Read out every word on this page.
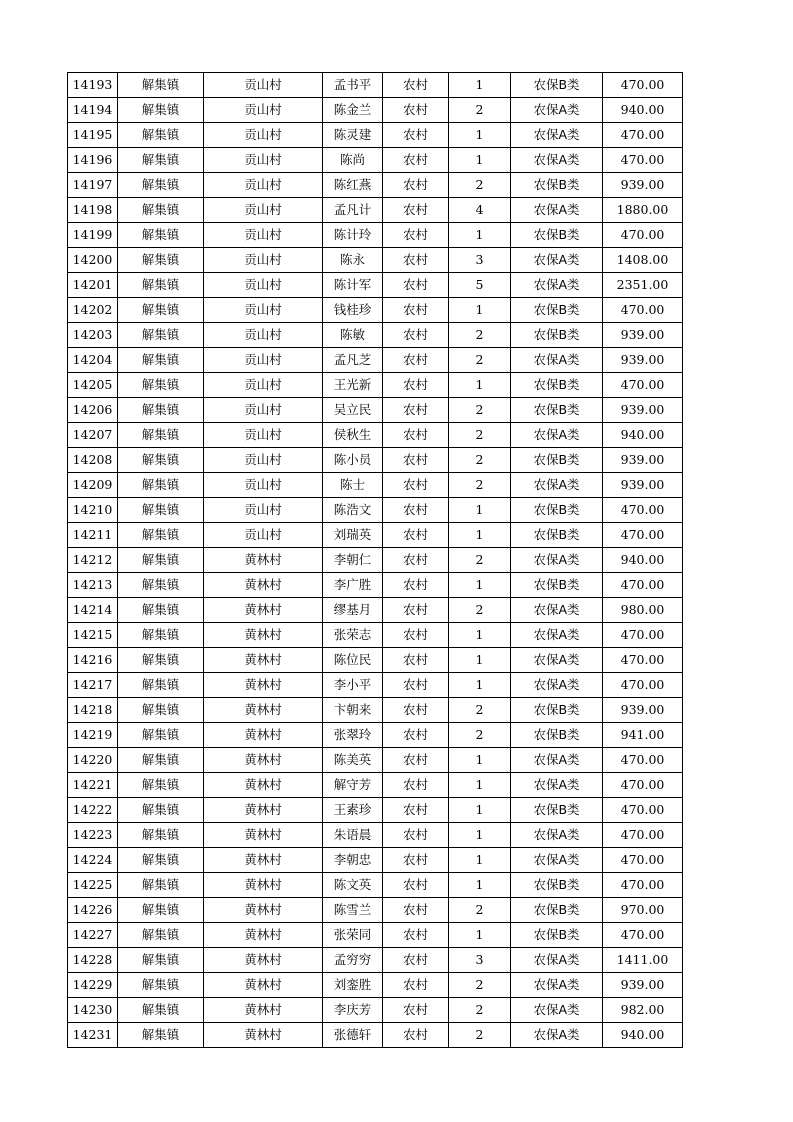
14193	解集镇	贡山村	孟书平	农村	1	农保B类	470.00
14194	解集镇	贡山村	陈金兰	农村	2	农保A类	940.00
14195	解集镇	贡山村	陈灵建	农村	1	农保A类	470.00
14196	解集镇	贡山村	陈尚	农村	1	农保A类	470.00
14197	解集镇	贡山村	陈红燕	农村	2	农保B类	939.00
14198	解集镇	贡山村	孟凡计	农村	4	农保A类	1880.00
14199	解集镇	贡山村	陈计玲	农村	1	农保B类	470.00
14200	解集镇	贡山村	陈永	农村	3	农保A类	1408.00
14201	解集镇	贡山村	陈计军	农村	5	农保A类	2351.00
14202	解集镇	贡山村	钱桂珍	农村	1	农保B类	470.00
14203	解集镇	贡山村	陈敏	农村	2	农保B类	939.00
14204	解集镇	贡山村	孟凡芝	农村	2	农保A类	939.00
14205	解集镇	贡山村	王光新	农村	1	农保B类	470.00
14206	解集镇	贡山村	吴立民	农村	2	农保B类	939.00
14207	解集镇	贡山村	侯秋生	农村	2	农保A类	940.00
14208	解集镇	贡山村	陈小员	农村	2	农保B类	939.00
14209	解集镇	贡山村	陈士	农村	2	农保A类	939.00
14210	解集镇	贡山村	陈浩文	农村	1	农保B类	470.00
14211	解集镇	贡山村	刘瑞英	农村	1	农保B类	470.00
14212	解集镇	黄林村	李朝仁	农村	2	农保A类	940.00
14213	解集镇	黄林村	李广胜	农村	1	农保B类	470.00
14214	解集镇	黄林村	缪基月	农村	2	农保A类	980.00
14215	解集镇	黄林村	张荣志	农村	1	农保A类	470.00
14216	解集镇	黄林村	陈位民	农村	1	农保A类	470.00
14217	解集镇	黄林村	李小平	农村	1	农保A类	470.00
14218	解集镇	黄林村	卞朝来	农村	2	农保B类	939.00
14219	解集镇	黄林村	张翠玲	农村	2	农保B类	941.00
14220	解集镇	黄林村	陈美英	农村	1	农保A类	470.00
14221	解集镇	黄林村	解守芳	农村	1	农保A类	470.00
14222	解集镇	黄林村	王素珍	农村	1	农保B类	470.00
14223	解集镇	黄林村	朱语晨	农村	1	农保A类	470.00
14224	解集镇	黄林村	李朝忠	农村	1	农保A类	470.00
14225	解集镇	黄林村	陈文英	农村	1	农保B类	470.00
14226	解集镇	黄林村	陈雪兰	农村	2	农保B类	970.00
14227	解集镇	黄林村	张荣同	农村	1	农保B类	470.00
14228	解集镇	黄林村	孟穷穷	农村	3	农保A类	1411.00
14229	解集镇	黄林村	刘銮胜	农村	2	农保A类	939.00
14230	解集镇	黄林村	李庆芳	农村	2	农保A类	982.00
14231	解集镇	黄林村	张德轩	农村	2	农保A类	940.00
